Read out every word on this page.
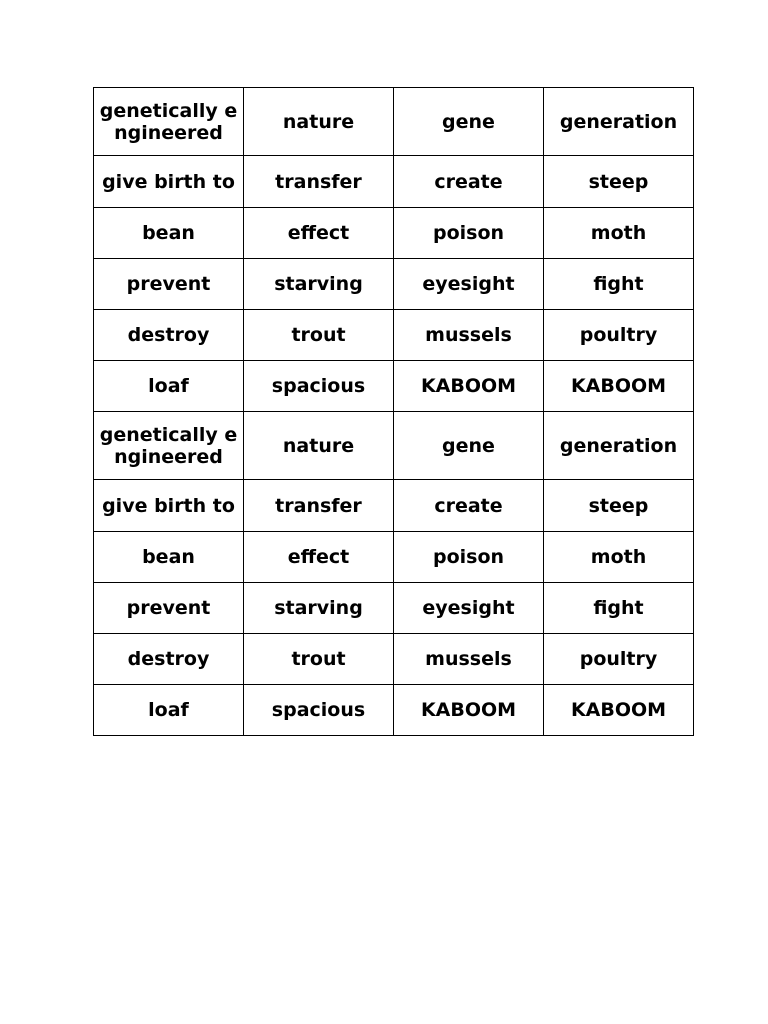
genetically engineered	nature	gene	generation
give birth to	transfer	create	steep
bean	effect	poison	moth
prevent	starving	eyesight	fight
destroy	trout	mussels	poultry
loaf	spacious	KABOOM	KABOOM
genetically engineered	nature	gene	generation
give birth to	transfer	create	steep
bean	effect	poison	moth
prevent	starving	eyesight	fight
destroy	trout	mussels	poultry
loaf	spacious	KABOOM	KABOOM
